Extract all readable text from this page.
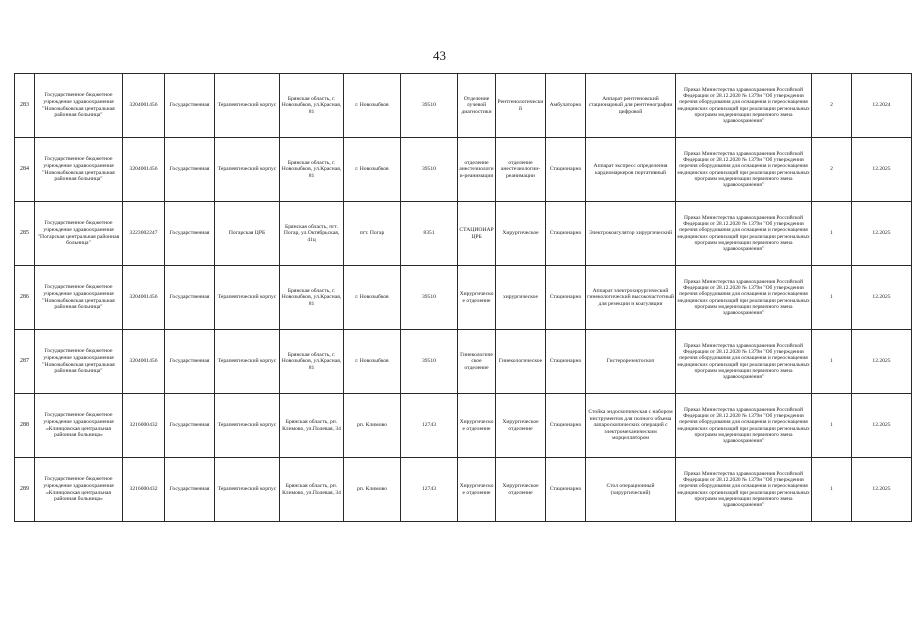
43
283	Государственное бюджетное учреждение здравоохранения "Новозыбковская центральная районная больница"	3204001456	Государственная	Терапевтический корпус	Брянская область, г. Новозыбков, ул.Красная, 81	г. Новозыбков	39510	Отделение лучевой диагностики	Рентгенологический	Амбулаторно	Аппарат рентгеновский стационарный для рентгенографии цифровой	Приказ Министерства здравоохранения Российской Федерации от 28.12.2020 № 1379н "Об утверждении перечня оборудования для оснащения и переоснащения медицинских организаций при реализации региональных программ модернизации первичного звена здравоохранения"	2	12.2024
284	Государственное бюджетное учреждение здравоохранения "Новозыбковская центральная районная больница"	3204001456	Государственная	Терапевтический корпус	Брянская область, г. Новозыбков, ул.Красная, 81	г. Новозыбков	39510	отделение анестезиологии-реанимации	отделение анестезиологии-реанимации	Стационарно	Аппарат экспресс определения кардиомаркеров портативный	Приказ Министерства здравоохранения Российской Федерации от 28.12.2020 № 1379н "Об утверждении перечня оборудования для оснащения и переоснащения медицинских организаций при реализации региональных программ модернизации первичного звена здравоохранения"	2	12.2025
285	Государственное бюджетное учреждение здравоохранения "Погарская центральная районная больница"	3223002247	Государственная	Погарская ЦРБ	Брянская область, пгт. Погар, ул.Октябрьская, 41ц	пгт. Погар	8351	СТАЦИОНАР ЦРБ	Хирургическое	Стационарно	Электрокоагулятор хирургический	Приказ Министерства здравоохранения Российской Федерации от 28.12.2020 № 1379н "Об утверждении перечня оборудования для оснащения и переоснащения медицинских организаций при реализации региональных программ модернизации первичного звена здравоохранения"	1	12.2025
286	Государственное бюджетное учреждение здравоохранения "Новозыбковская центральная районная больница"	3204001456	Государственная	Терапевтический корпус	Брянская область, г. Новозыбков, ул.Красная, 81	г. Новозыбков	39510	Хирургическое отделение	хирургическое	Стационарно	Аппарат электрохирургический гинекологический высокочастотный для резекции и коагуляции	Приказ Министерства здравоохранения Российской Федерации от 28.12.2020 № 1379н "Об утверждении перечня оборудования для оснащения и переоснащения медицинских организаций при реализации региональных программ модернизации первичного звена здравоохранения"	1	12.2025
287	Государственное бюджетное учреждение здравоохранения "Новозыбковская центральная районная больница"	3204001456	Государственная	Терапевтический корпус	Брянская область, г. Новозыбков, ул.Красная, 81	г. Новозыбков	39510	Гинекологическое отделение	Гинекологическое	Стационарно	Гистерорезектоскоп	Приказ Министерства здравоохранения Российской Федерации от 28.12.2020 № 1379н "Об утверждении перечня оборудования для оснащения и переоснащения медицинских организаций при реализации региональных программ модернизации первичного звена здравоохранения"	1	12.2025
288	Государственное бюджетное учреждение здравоохранения «Клинцовская центральная районная больница»	3216000432	Государственная	Терапевтический корпус	Брянская область, рп. Климово, ул.Полевая, 34	рп. Климово	12743	Хирургическое отделение	Хирургическое отделение	Стационарно	Стойка эндоскопическая с набором инструментов для полного объема лапароскопических операций с электромеханическим морцеллятором	Приказ Министерства здравоохранения Российской Федерации от 28.12.2020 № 1379н "Об утверждении перечня оборудования для оснащения и переоснащения медицинских организаций при реализации региональных программ модернизации первичного звена здравоохранения"	1	12.2025
289	Государственное бюджетное учреждение здравоохранения «Клинцовская центральная районная больница»	3216000432	Государственная	Терапевтический корпус	Брянская область, рп. Климово, ул.Полевая, 34	рп. Климово	12743	Хирургическое отделение	Хирургическое отделение	Стационарно	Стол операционный (хирургический)	Приказ Министерства здравоохранения Российской Федерации от 28.12.2020 № 1379н "Об утверждении перечня оборудования для оснащения и переоснащения медицинских организаций при реализации региональных программ модернизации первичного звена здравоохранения"	1	12.2025
